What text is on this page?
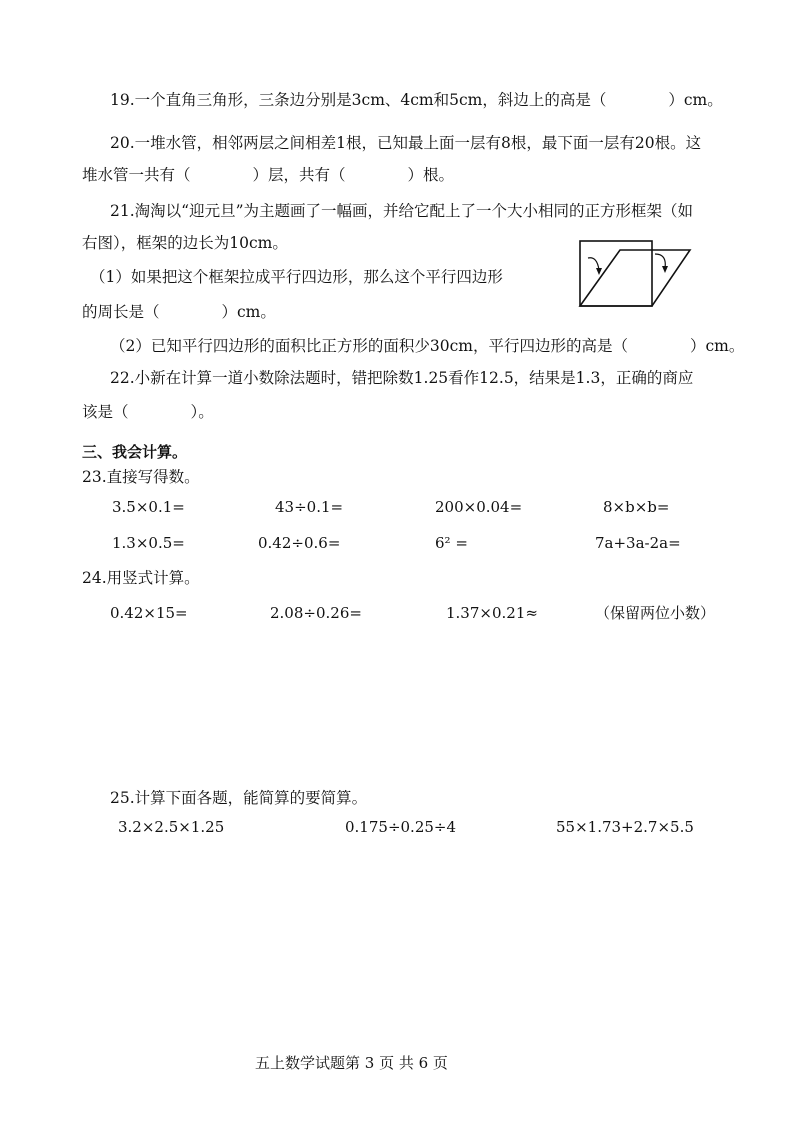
19.一个直角三角形，三条边分别是3cm、4cm和5cm，斜边上的高是（　　　　）cm。
20.一堆水管，相邻两层之间相差1根，已知最上面一层有8根，最下面一层有20根。这
堆水管一共有（　　　　）层，共有（　　　　）根。
21.淘淘以“迎元旦”为主题画了一幅画，并给它配上了一个大小相同的正方形框架（如
右图），框架的边长为10cm。
（1）如果把这个框架拉成平行四边形，那么这个平行四边形
的周长是（　　　　）cm。
（2）已知平行四边形的面积比正方形的面积少30cm，平行四边形的高是（　　　　）cm。
22.小新在计算一道小数除法题时，错把除数1.25看作12.5，结果是1.3，正确的商应
该是（　　　　）。
三、我会计算。
23.直接写得数。
3.5×0.1=	43÷0.1=	200×0.04=	8×b×b=
1.3×0.5=	0.42÷0.6=	6² =	7a+3a-2a=
24.用竖式计算。
0.42×15=	2.08÷0.26=	1.37×0.21≈	（保留两位小数）
25.计算下面各题，能简算的要简算。
3.2×2.5×1.25	0.175÷0.25÷4	55×1.73+2.7×5.5
五上数学试题第 3 页 共 6 页
